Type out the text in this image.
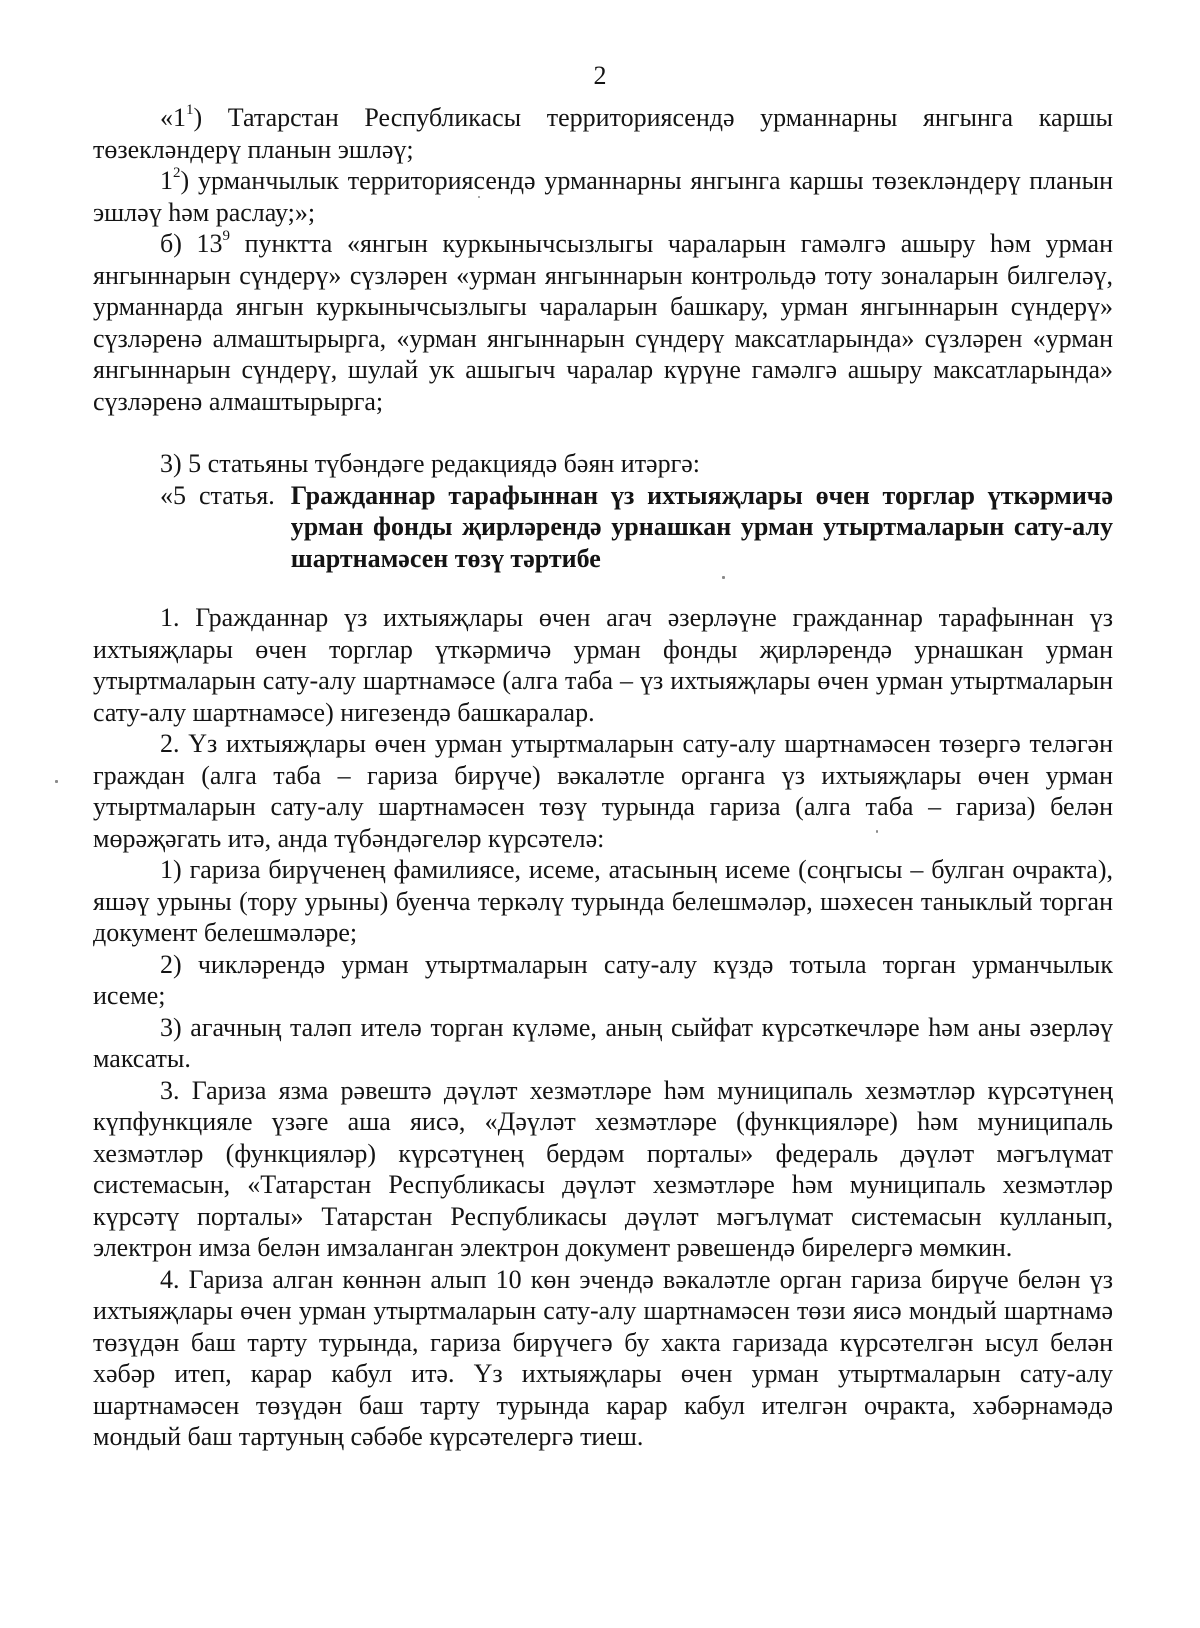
2

«$1^1$) Татарстан Республикасы территориясендә урманнарны янгынга каршы төзекләндерү планын эшләү;

$1^2$) урманчылык территориясендә урманнарны янгынга каршы төзекләндерү планын эшләү һәм раслау;»;

б) $13^9$ пунктта «янгын куркынычсызлыгы чараларын гамәлгә ашыру һәм урман янгыннарын сүндерү» сүзләрен «урман янгыннарын контрольдә тоту зоналарын билгеләү, урманнарда янгын куркынычсызлыгы чараларын башкару, урман янгыннарын сүндерү» сүзләренә алмаштырырга, «урман янгыннарын сүндерү максатларында» сүзләрен «урман янгыннарын сүндерү, шулай ук ашыгыч чаралар күрүне гамәлгә ашыру максатларында» сүзләренә алмаштырырга;

3) 5 статьяны түбәндәге редакциядә бәян итәргә:

«5  статья. Гражданнар тарафыннан үз ихтыяҗлары өчен торглар үткәрмичә урман фонды җирләрендә урнашкан урман утыртмаларын сату-алу шартнамәсен төзү тәртибе

1. Гражданнар үз ихтыяҗлары өчен агач әзерләүне гражданнар тарафыннан үз ихтыяҗлары өчен торглар үткәрмичә урман фонды җирләрендә урнашкан урман утыртмаларын сату-алу шартнамәсе (алга таба – үз ихтыяҗлары өчен урман утыртмаларын сату-алу шартнамәсе) нигезендә башкаралар.

2. Үз ихтыяҗлары өчен урман утыртмаларын сату-алу шартнамәсен төзергә теләгән граждан (алга таба – гариза бирүче) вәкаләтле органга үз ихтыяҗлары өчен урман утыртмаларын сату-алу шартнамәсен төзү турында гариза (алга таба – гариза) белән мөрәҗәгать итә, анда түбәндәгеләр күрсәтелә:

1) гариза бирүченең фамилиясе, исеме, атасының исеме (соңгысы – булган очракта), яшәү урыны (тору урыны) буенча теркәлү турында белешмәләр, шәхесен таныклый торган документ белешмәләре;

2) чикләрендә урман утыртмаларын сату-алу күздә тотыла торган урманчылык исеме;

3) агачның таләп ителә торган күләме, аның сыйфат күрсәткечләре һәм аны әзерләү максаты.

3. Гариза язма рәвештә дәүләт хезмәтләре һәм муниципаль хезмәтләр күрсәтүнең күпфункцияле үзәге аша яисә, «Дәүләт хезмәтләре (функцияләре) һәм муниципаль хезмәтләр (функцияләр) күрсәтүнең бердәм порталы» федераль дәүләт мәгълүмат системасын, «Татарстан Республикасы дәүләт хезмәтләре һәм муниципаль хезмәтләр күрсәтү порталы» Татарстан Республикасы дәүләт мәгълүмат системасын кулланып, электрон имза белән имзаланган электрон документ рәвешендә бирелергә мөмкин.

4. Гариза алган көннән алып 10 көн эчендә вәкаләтле орган гариза бирүче белән үз ихтыяҗлары өчен урман утыртмаларын сату-алу шартнамәсен төзи яисә мондый шартнамә төзүдән баш тарту турында, гариза бирүчегә бу хакта гаризада күрсәтелгән ысул белән хәбәр итеп, карар кабул итә. Үз ихтыяҗлары өчен урман утыртмаларын сату-алу шартнамәсен төзүдән баш тарту турында карар кабул ителгән очракта, хәбәрнамәдә мондый баш тартуның сәбәбе күрсәтелергә тиеш.
